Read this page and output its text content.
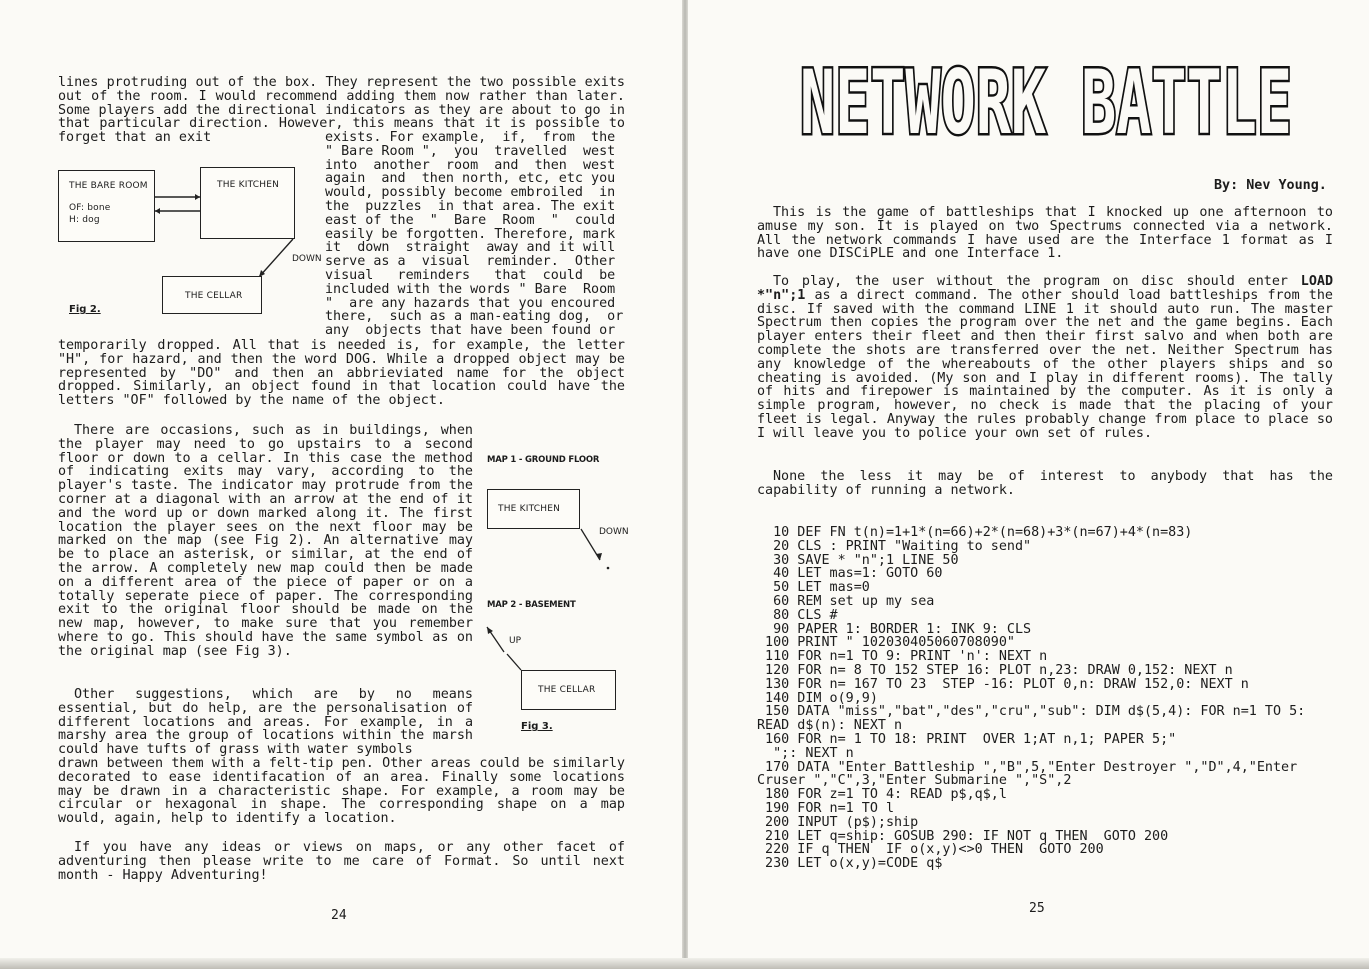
lines protruding out of the box. They represent the two possible exits out of the room. I would recommend adding them now rather than later. Some players add the directional indicators as they are about to go in that particular direction. However, this means that it is possible to forget that an exit	exists. For example,  if,  from  the
" Bare Room ",  you  travelled  west
into  another  room  and  then  west
again  and  then north, etc, etc you
would, possibly become embroiled  in
the  puzzles  in that area. The exit
east of the  "  Bare  Room  "  could
easily be forgotten. Therefore, mark
it  down  straight  away and it will
serve as a  visual  reminder.  Other
visual   reminders   that  could  be
included with the words " Bare  Room
"  are any hazards that you encoured
there,  such as a man-eating dog,  or
any  objects that have been found or

temporarily dropped. All that is needed is, for example, the letter "H", for hazard, and then the word DOG. While a dropped object may be represented by "DO" and then an abbrieviated name for the object dropped. Similarly, an object found in that location could have the letters "OF" followed by the name of the object.

There are occasions, such as in buildings, when the player may need to go upstairs to a second floor or down to a cellar. In this case the method of indicating exits may vary, according to the player's taste. The indicator may protrude from the corner at a diagonal with an arrow at the end of it and the word up or down marked along it. The first location the player sees on the next floor may be marked on the map (see Fig 2). An alternative may be to place an asterisk, or similar, at the end of the arrow. A completely new map could then be made on a different area of the piece of paper or on a totally seperate piece of paper. The corresponding exit to the original floor should be made on the new map, however, to make sure that you remember where to go. This should have the same symbol as on the original map (see Fig 3).

Other suggestions, which are by no means essential, but do help, are the personalisation of different locations and areas. For example, in a marshy area the group of locations within the marsh could have tufts of grass with water symbols

drawn between them with a felt-tip pen. Other areas could be similarly decorated to ease identifacation of an area. Finally some locations may be drawn in a characteristic shape. For example, a room may be circular or hexagonal in shape. The corresponding shape on a map would, again, help to identify a location.

If you have any ideas or views on maps, or any other facet of adventuring then please write to me care of Format. So until next month - Happy Adventuring!

24
THE BARE ROOM
OF: bone
H: dog
THE KITCHEN
DOWN
THE CELLAR
Fig 2.
MAP 1 - GROUND FLOOR
THE KITCHEN
DOWN
MAP 2 - BASEMENT
UP
THE CELLAR
Fig 3.
NETWORK BATTLE
By: Nev Young.

This is the game of battleships that I knocked up one afternoon to amuse my son. It is played on two Spectrums connected via a network. All the network commands I have used are the Interface 1 format as I have one DISCiPLE and one Interface 1.

To play, the user without the program on disc should enter LOAD *"n";1 as a direct command. The other should load battleships from the disc. If saved with the command LINE 1 it should auto run. The master Spectrum then copies the program over the net and the game begins. Each player enters their fleet and then their first salvo and when both are complete the shots are transferred over the net. Neither Spectrum has any knowledge of the whereabouts of the other players ships and so cheating is avoided. (My son and I play in different rooms). The tally of hits and firepower is maintained by the computer. As it is only a simple program, however, no check is made that the placing of your fleet is legal. Anyway the rules probably change from place to place so I will leave you to police your own set of rules.

None the less it may be of interest to anybody that has the capability of running a network.

10 DEF FN t(n)=1+1*(n=66)+2*(n=68)+3*(n=67)+4*(n=83)
20 CLS : PRINT "Waiting to send"
30 SAVE * "n";1 LINE 50
40 LET mas=1: GOTO 60
50 LET mas=0
60 REM set up my sea
80 CLS #
90 PAPER 1: BORDER 1: INK 9: CLS
100 PRINT " 102030405060708090"
110 FOR n=1 TO 9: PRINT 'n': NEXT n
120 FOR n= 8 TO 152 STEP 16: PLOT n,23: DRAW 0,152: NEXT n
130 FOR n= 167 TO 23  STEP -16: PLOT 0,n: DRAW 152,0: NEXT n
140 DIM o(9,9)
150 DATA "miss","bat","des","cru","sub": DIM d$(5,4): FOR n=1 TO 5:
READ d$(n): NEXT n
160 FOR n= 1 TO 18: PRINT  OVER 1;AT n,1; PAPER 5;"
";: NEXT n
170 DATA "Enter Battleship ","B",5,"Enter Destroyer ","D",4,"Enter
Cruser ","C",3,"Enter Submarine ","S",2
180 FOR z=1 TO 4: READ p$,q$,l
190 FOR n=1 TO l
200 INPUT (p$);ship
210 LET q=ship: GOSUB 290: IF NOT q THEN  GOTO 200
220 IF q THEN  IF o(x,y)<>0 THEN  GOTO 200
230 LET o(x,y)=CODE q$
25
